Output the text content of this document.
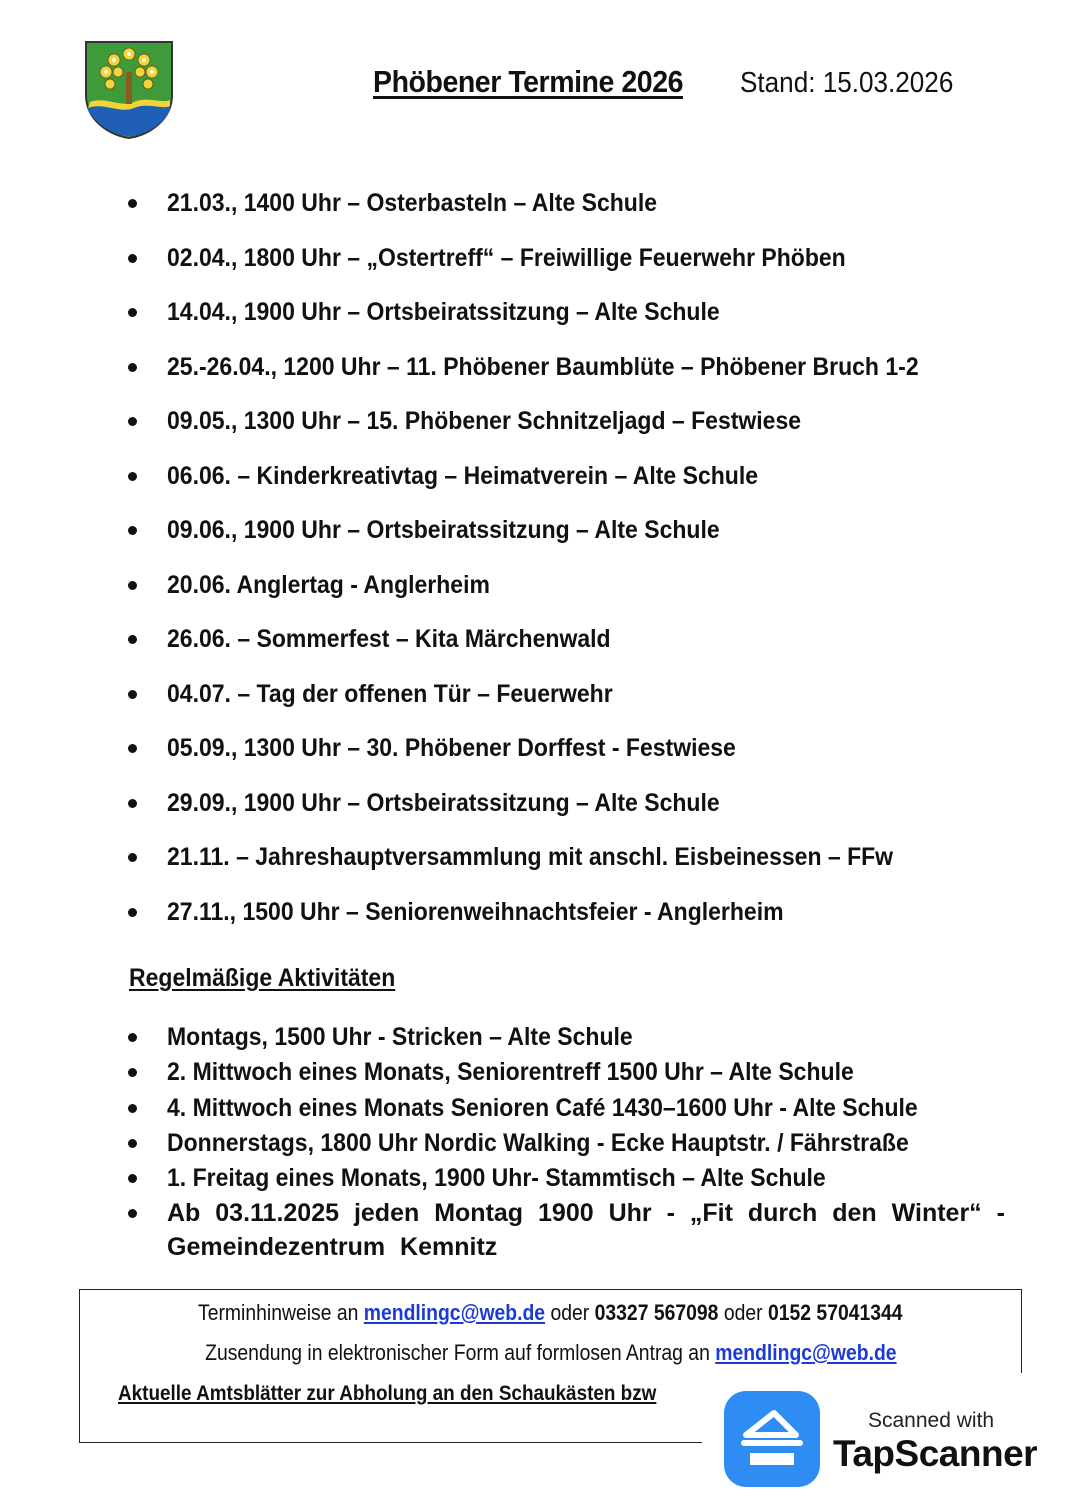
Phöbener Termine 2026 Stand: 15.03.2026
21.03., 1400 Uhr – Osterbasteln – Alte Schule
02.04., 1800 Uhr – „Ostertreff“ – Freiwillige Feuerwehr Phöben
14.04., 1900 Uhr – Ortsbeiratssitzung – Alte Schule
25.-26.04., 1200 Uhr – 11. Phöbener Baumblüte – Phöbener Bruch 1-2
09.05., 1300 Uhr – 15. Phöbener Schnitzeljagd – Festwiese
06.06. – Kinderkreativtag – Heimatverein – Alte Schule
09.06., 1900 Uhr – Ortsbeiratssitzung – Alte Schule
20.06. Anglertag - Anglerheim
26.06. – Sommerfest – Kita Märchenwald
04.07. – Tag der offenen Tür – Feuerwehr
05.09., 1300 Uhr – 30. Phöbener Dorffest - Festwiese
29.09., 1900 Uhr – Ortsbeiratssitzung – Alte Schule
21.11. – Jahreshauptversammlung mit anschl. Eisbeinessen – FFw
27.11., 1500 Uhr – Seniorenweihnachtsfeier - Anglerheim
Regelmäßige Aktivitäten
Montags, 1500 Uhr - Stricken – Alte Schule
2. Mittwoch eines Monats, Seniorentreff 1500 Uhr – Alte Schule
4. Mittwoch eines Monats Senioren Café 1430–1600 Uhr - Alte Schule
Donnerstags, 1800 Uhr Nordic Walking - Ecke Hauptstr. / Fährstraße
1. Freitag eines Monats, 1900 Uhr- Stammtisch – Alte Schule
Ab 03.11.2025 jeden Montag 1900 Uhr - „Fit durch den Winter“ - Gemeindezentrum Kemnitz
Terminhinweise an mendlingc@web.de oder 03327 567098 oder 0152 57041344
Zusendung in elektronischer Form auf formlosen Antrag an mendlingc@web.de
Aktuelle Amtsblätter zur Abholung an den Schaukästen bzw
Scanned with
TapScanner
